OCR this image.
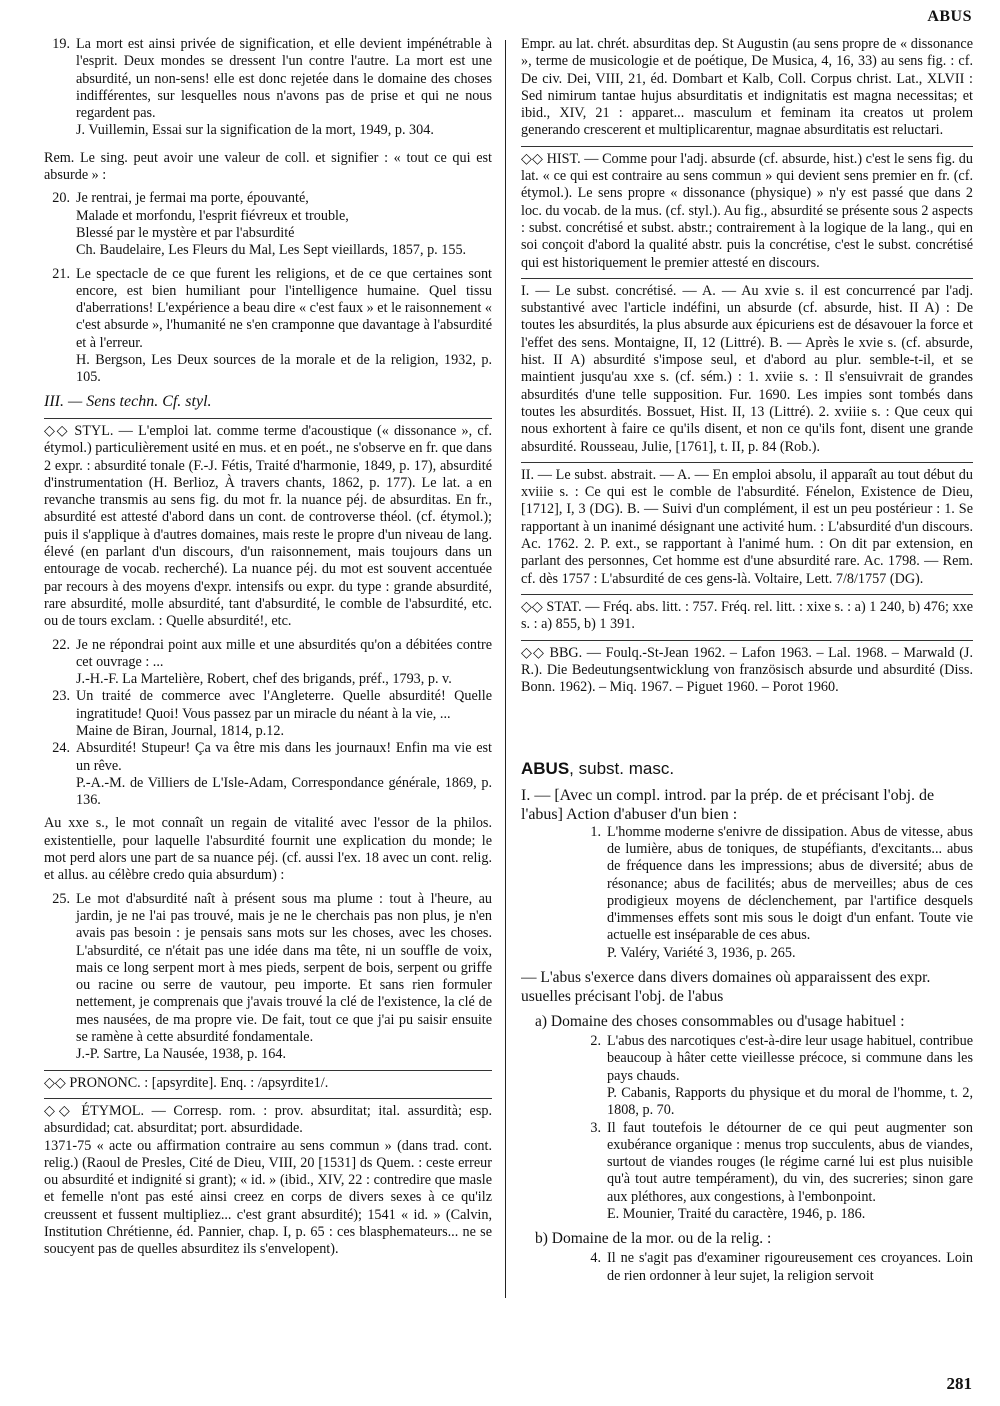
ABUS
19. La mort est ainsi privée de signification, et elle devient impénétrable à l'esprit. Deux mondes se dressent l'un contre l'autre. La mort est une absurdité, un non-sens! elle est donc rejetée dans le domaine des choses indifférentes, sur lesquelles nous n'avons pas de prise et qui ne nous regardent pas.

J. Vuillemin, Essai sur la signification de la mort, 1949, p. 304.

Rem. Le sing. peut avoir une valeur de coll. et signifier : « tout ce qui est absurde » :

20. Je rentrai, je fermai ma porte, épouvanté,

Malade et morfondu, l'esprit fiévreux et trouble,

Blessé par le mystère et par l'absurdité

Ch. Baudelaire, Les Fleurs du Mal, Les Sept vieillards, 1857, p. 155.

21. Le spectacle de ce que furent les religions, et de ce que certaines sont encore, est bien humiliant pour l'intelligence humaine. Quel tissu d'aberrations! L'expérience a beau dire « c'est faux » et le raisonnement « c'est absurde », l'humanité ne s'en cramponne que davantage à l'absurdité et à l'erreur.

H. Bergson, Les Deux sources de la morale et de la religion, 1932, p. 105.

III. — Sens techn. Cf. styl.

◇◇ STYL. — L'emploi lat. comme terme d'acoustique (« dissonance », cf. étymol.) particulièrement usité en mus. et en poét., ne s'observe en fr. que dans 2 expr. : absurdité tonale (F.-J. Fétis, Traité d'harmonie, 1849, p. 17), absurdité d'instrumentation (H. Berlioz, À travers chants, 1862, p. 177). Le lat. a en revanche transmis au sens fig. du mot fr. la nuance péj. de absurditas. En fr., absurdité est attesté d'abord dans un cont. de controverse théol. (cf. étymol.); puis il s'applique à d'autres domaines, mais reste le propre d'un niveau de lang. élevé (en parlant d'un discours, d'un raisonnement, mais toujours dans un entourage de vocab. recherché). La nuance péj. du mot est souvent accentuée par recours à des moyens d'expr. intensifs ou expr. du type : grande absurdité, rare absurdité, molle absurdité, tant d'absurdité, le comble de l'absurdité, etc. ou de tours exclam. : Quelle absurdité!, etc.

22. Je ne répondrai point aux mille et une absurdités qu'on a débitées contre cet ouvrage : ...

J.-H.-F. La Martelière, Robert, chef des brigands, préf., 1793, p. v.

23. Un traité de commerce avec l'Angleterre. Quelle absurdité! Quelle ingratitude! Quoi! Vous passez par un miracle du néant à la vie, ...

Maine de Biran, Journal, 1814, p.12.

24. Absurdité! Stupeur! Ça va être mis dans les journaux! Enfin ma vie est un rêve.

P.-A.-M. de Villiers de L'Isle-Adam, Correspondance générale, 1869, p. 136.

Au xxe s., le mot connaît un regain de vitalité avec l'essor de la philos. existentielle, pour laquelle l'absurdité fournit une explication du monde; le mot perd alors une part de sa nuance péj. (cf. aussi l'ex. 18 avec un cont. relig. et allus. au célèbre credo quia absurdum) :

25. Le mot d'absurdité naît à présent sous ma plume : tout à l'heure, au jardin, je ne l'ai pas trouvé, mais je ne le cherchais pas non plus, je n'en avais pas besoin : je pensais sans mots sur les choses, avec les choses. L'absurdité, ce n'était pas une idée dans ma tête, ni un souffle de voix, mais ce long serpent mort à mes pieds, serpent de bois, serpent ou griffe ou racine ou serre de vautour, peu importe. Et sans rien formuler nettement, je comprenais que j'avais trouvé la clé de l'existence, la clé de mes nausées, de ma propre vie. De fait, tout ce que j'ai pu saisir ensuite se ramène à cette absurdité fondamentale.

J.-P. Sartre, La Nausée, 1938, p. 164.

◇◇ PRONONC. : [apsyrdite]. Enq. : /apsyrdite1/.

◇◇ ÉTYMOL. — Corresp. rom. : prov. absurditat; ital. assurdità; esp. absurdidad; cat. absurditat; port. absurdidade.

1371-75 « acte ou affirmation contraire au sens commun » (dans trad. cont. relig.) (Raoul de Presles, Cité de Dieu, VIII, 20 [1531] ds Quem. : ceste erreur ou absurdité et indignité si grant); « id. » (ibid., XIV, 22 : contredire que masle et femelle n'ont pas esté ainsi creez en corps de divers sexes à ce qu'ilz creussent et fussent multipliez... c'est grant absurdité); 1541 « id. » (Calvin, Institution Chrétienne, éd. Pannier, chap. I, p. 65 : ces blasphemateurs... ne se soucyent pas de quelles absurditez ils s'envelopent).

Empr. au lat. chrét. absurditas dep. St Augustin (au sens propre de « dissonance », terme de musicologie et de poétique, De Musica, 4, 16, 33) au sens fig. : cf. De civ. Dei, VIII, 21, éd. Dombart et Kalb, Coll. Corpus christ. Lat., XLVII : Sed nimirum tantae hujus absurditatis et indignitatis est magna necessitas; et ibid., XIV, 21 : apparet... masculum et feminam ita creatos ut prolem generando crescerent et multiplicarentur, magnae absurditatis est reluctari.

◇◇ HIST. — Comme pour l'adj. absurde (cf. absurde, hist.) c'est le sens fig. du lat. « ce qui est contraire au sens commun » qui devient sens premier en fr. (cf. étymol.). Le sens propre « dissonance (physique) » n'y est passé que dans 2 loc. du vocab. de la mus. (cf. styl.). Au fig., absurdité se présente sous 2 aspects : subst. concrétisé et subst. abstr.; contrairement à la logique de la lang., qui en soi conçoit d'abord la qualité abstr. puis la concrétise, c'est le subst. concrétisé qui est historiquement le premier attesté en discours.

I. — Le subst. concrétisé. — A. — Au xvie s. il est concurrencé par l'adj. substantivé avec l'article indéfini, un absurde (cf. absurde, hist. II A) : De toutes les absurdités, la plus absurde aux épicuriens est de désavouer la force et l'effet des sens. Montaigne, II, 12 (Littré). B. — Après le xvie s. (cf. absurde, hist. II A) absurdité s'impose seul, et d'abord au plur. semble-t-il, et se maintient jusqu'au xxe s. (cf. sém.) : 1. xviie s. : Il s'ensuivrait de grandes absurdités d'une telle supposition. Fur. 1690. Les impies sont tombés dans toutes les absurdités. Bossuet, Hist. II, 13 (Littré). 2. xviiie s. : Que ceux qui nous exhortent à faire ce qu'ils disent, et non ce qu'ils font, disent une grande absurdité. Rousseau, Julie, [1761], t. II, p. 84 (Rob.).

II. — Le subst. abstrait. — A. — En emploi absolu, il apparaît au tout début du xviiie s. : Ce qui est le comble de l'absurdité. Fénelon, Existence de Dieu, [1712], I, 3 (DG). B. — Suivi d'un complément, il est un peu postérieur : 1. Se rapportant à un inanimé désignant une activité hum. : L'absurdité d'un discours. Ac. 1762. 2. P. ext., se rapportant à l'animé hum. : On dit par extension, en parlant des personnes, Cet homme est d'une absurdité rare. Ac. 1798. — Rem. cf. dès 1757 : L'absurdité de ces gens-là. Voltaire, Lett. 7/8/1757 (DG).

◇◇ STAT. — Fréq. abs. litt. : 757. Fréq. rel. litt. : xixe s. : a) 1 240, b) 476; xxe s. : a) 855, b) 1 391.

◇◇ BBG. — Foulq.-St-Jean 1962. – Lafon 1963. – Lal. 1968. – Marwald (J. R.). Die Bedeutungsentwicklung von französisch absurde und absurdité (Diss. Bonn. 1962). – Miq. 1967. – Piguet 1960. – Porot 1960.

ABUS, subst. masc.

I. — [Avec un compl. introd. par la prép. de et précisant l'obj. de l'abus] Action d'abuser d'un bien :

1. L'homme moderne s'enivre de dissipation. Abus de vitesse, abus de lumière, abus de toniques, de stupéfiants, d'excitants... abus de fréquence dans les impressions; abus de diversité; abus de résonance; abus de facilités; abus de merveilles; abus de ces prodigieux moyens de déclenchement, par l'artifice desquels d'immenses effets sont mis sous le doigt d'un enfant. Toute vie actuelle est inséparable de ces abus.

P. Valéry, Variété 3, 1936, p. 265.

— L'abus s'exerce dans divers domaines où apparaissent des expr. usuelles précisant l'obj. de l'abus
a) Domaine des choses consommables ou d'usage habituel :
2. L'abus des narcotiques c'est-à-dire leur usage habituel, contribue beaucoup à hâter cette vieillesse précoce, si commune dans les pays chauds.

P. Cabanis, Rapports du physique et du moral de l'homme, t. 2, 1808, p. 70.

3. Il faut toutefois le détourner de ce qui peut augmenter son exubérance organique : menus trop succulents, abus de viandes, surtout de viandes rouges (le régime carné lui est plus nuisible qu'à tout autre tempérament), du vin, des sucreries; sinon gare aux pléthores, aux congestions, à l'embonpoint.

E. Mounier, Traité du caractère, 1946, p. 186.

b) Domaine de la mor. ou de la relig. :
4. Il ne s'agit pas d'examiner rigoureusement ces croyances. Loin de rien ordonner à leur sujet, la religion servoit

281
